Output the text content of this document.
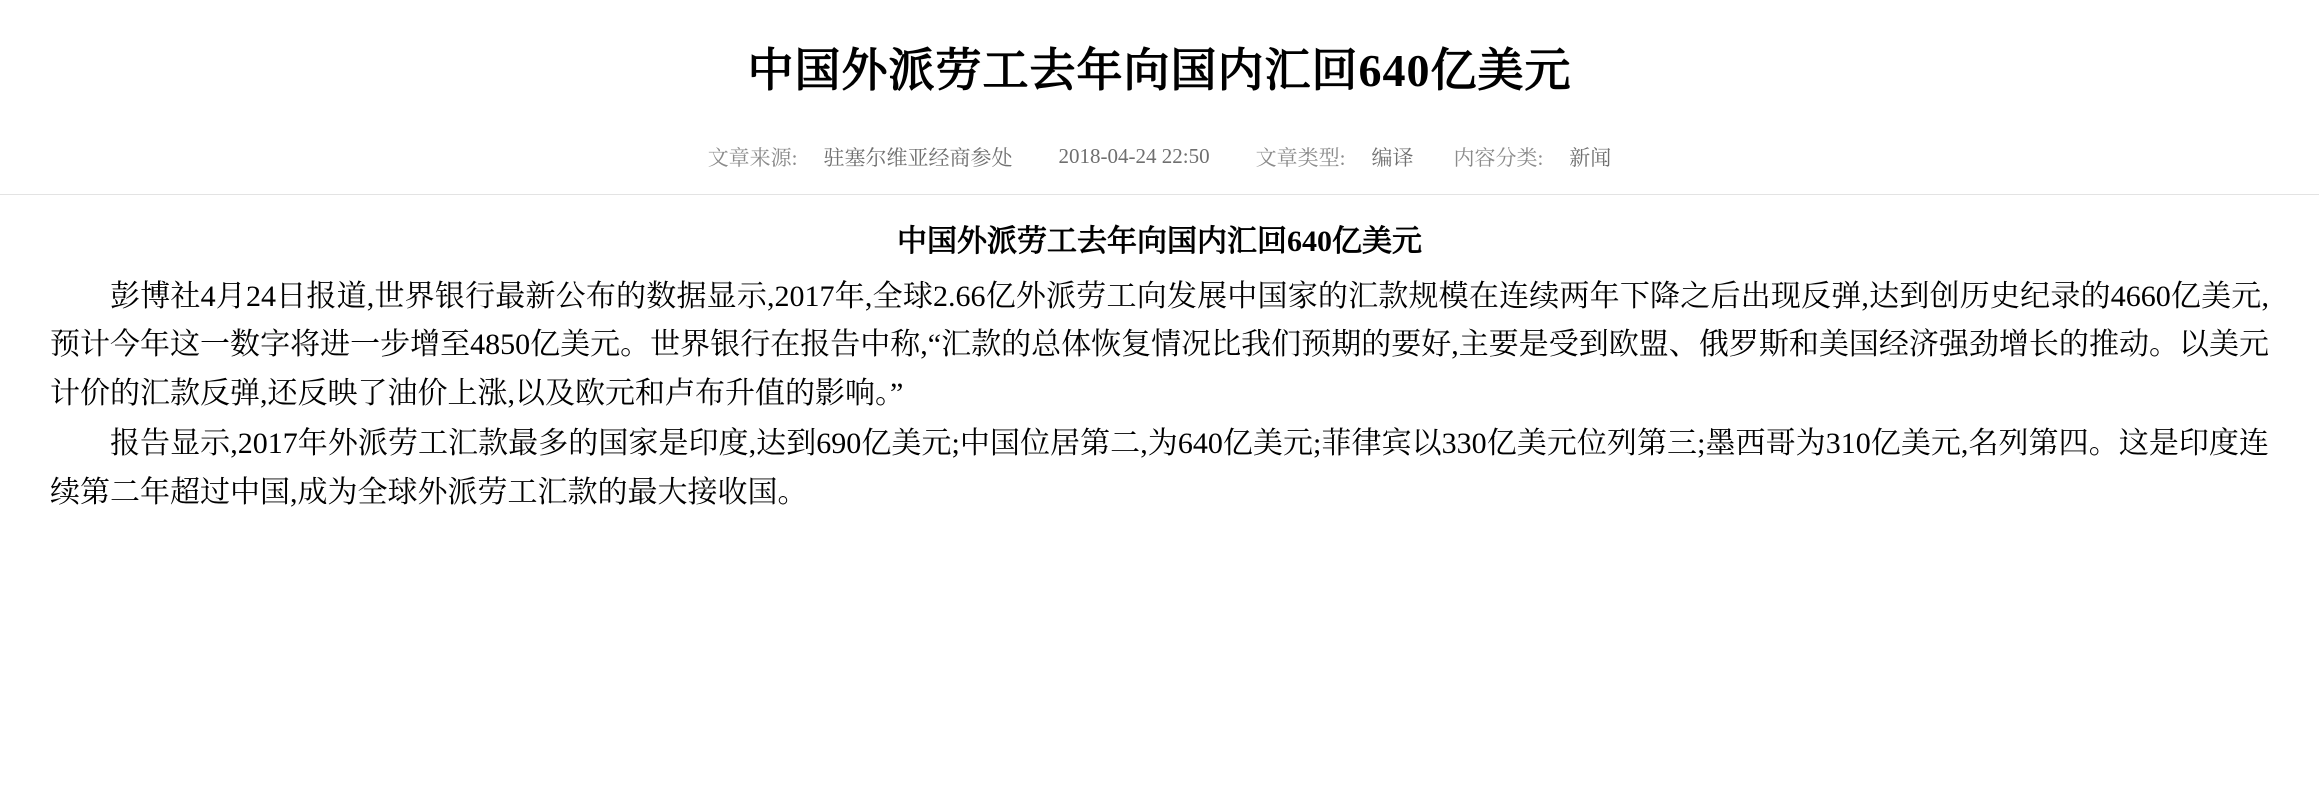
中国外派劳工去年向国内汇回640亿美元
文章来源: 驻塞尔维亚经商参处 2018-04-24 22:50 文章类型: 编译 内容分类: 新闻
中国外派劳工去年向国内汇回640亿美元

彭博社4月24日报道,世界银行最新公布的数据显示,2017年,全球2.66亿外派劳工向发展中国家的汇款规模在连续两年下降之后出现反弹,达到创历史纪录的4660亿美元,预计今年这一数字将进一步增至4850亿美元。世界银行在报告中称,“汇款的总体恢复情况比我们预期的要好,主要是受到欧盟、俄罗斯和美国经济强劲增长的推动。以美元计价的汇款反弹,还反映了油价上涨,以及欧元和卢布升值的影响。”

报告显示,2017年外派劳工汇款最多的国家是印度,达到690亿美元;中国位居第二,为640亿美元;菲律宾以330亿美元位列第三;墨西哥为310亿美元,名列第四。这是印度连续第二年超过中国,成为全球外派劳工汇款的最大接收国。
